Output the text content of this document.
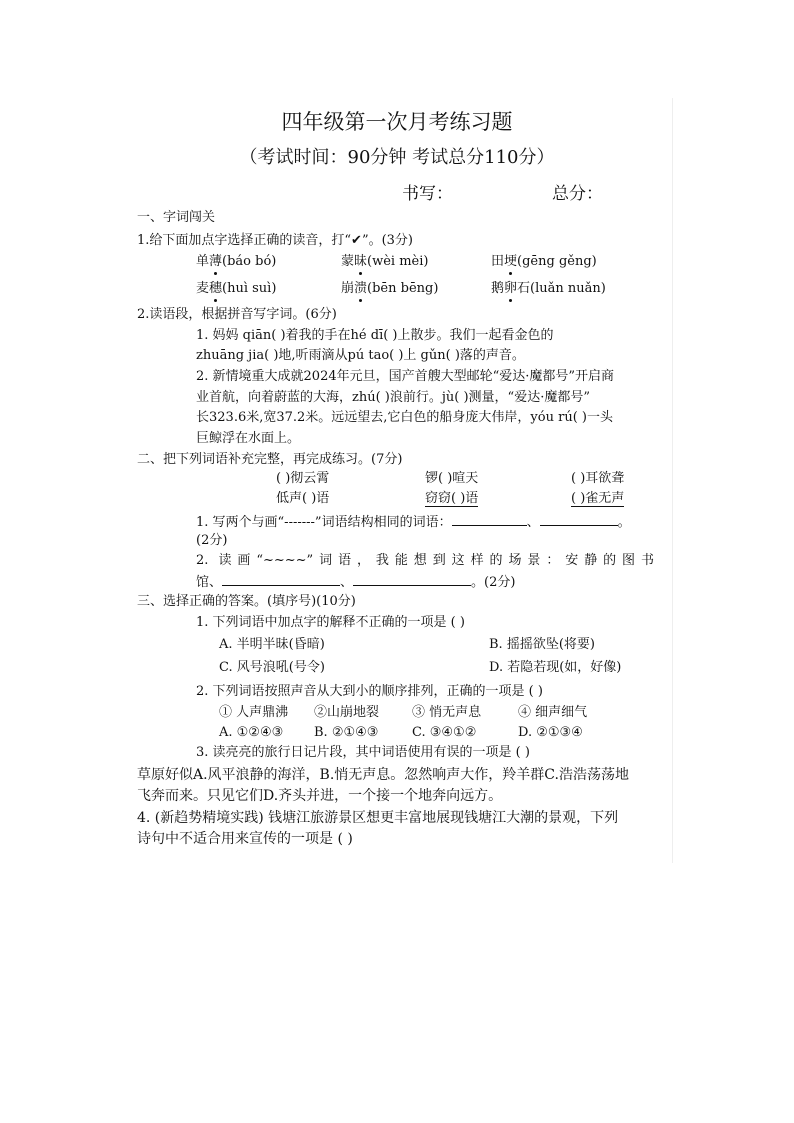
四年级第一次月考练习题
（考试时间：90分钟 考试总分110分）
书写：	总分：
一、字词闯关
1.给下面加点字选择正确的读音，打“✔”。(3分)
单薄(báo bó)	蒙昧(wèi mèi)	田埂(gēng gěng)
麦穗(huì suì)	崩溃(bēn bēng)	鹅卵石(luǎn nuǎn)
2.读语段，根据拼音写字词。(6分)
1. 妈妈 qiān( )着我的手在hé dī( )上散步。我们一起看金色的
zhuāng jia( )地,听雨滴从pú tao( )上 gǔn( )落的声音。
2. 新情境重大成就2024年元旦，国产首艘大型邮轮“爱达·魔都号”开启商
业首航，向着蔚蓝的大海，zhú( )浪前行。jù( )测量，“爱达·魔都号”
长323.6米,宽37.2米。远远望去,它白色的船身庞大伟岸，yóu rú( )一头
巨鲸浮在水面上。
二、把下列词语补充完整，再完成练习。(7分)
( )彻云霄	锣( )喧天	( )耳欲聋
低声( )语	窃窃( )语	( )雀无声
1. 写两个与画“-------”词语结构相同的词语：	、	。
(2分)
2. 读画“~~~~”词语，我能想到这样的场景：安静的图书
馆、	、	。(2分)
三、选择正确的答案。(填序号)(10分)
1. 下列词语中加点字的解释不正确的一项是 ( )
A. 半明半昧(昏暗)	B. 摇摇欲坠(将要)
C. 风号浪吼(号令)	D. 若隐若现(如，好像)
2. 下列词语按照声音从大到小的顺序排列，正确的一项是 ( )
① 人声鼎沸 ②山崩地裂	③ 悄无声息	④ 细声细气
A. ①②④③ B. ②①④③	C. ③④①②	D. ②①③④
3. 读亮亮的旅行日记片段，其中词语使用有误的一项是 ( )
草原好似A.风平浪静的海洋，B.悄无声息。忽然响声大作，羚羊群C.浩浩荡荡地
飞奔而来。只见它们D.齐头并进，一个接一个地奔向远方。
4. (新趋势精境实践) 钱塘江旅游景区想更丰富地展现钱塘江大潮的景观，下列
诗句中不适合用来宣传的一项是 ( )
